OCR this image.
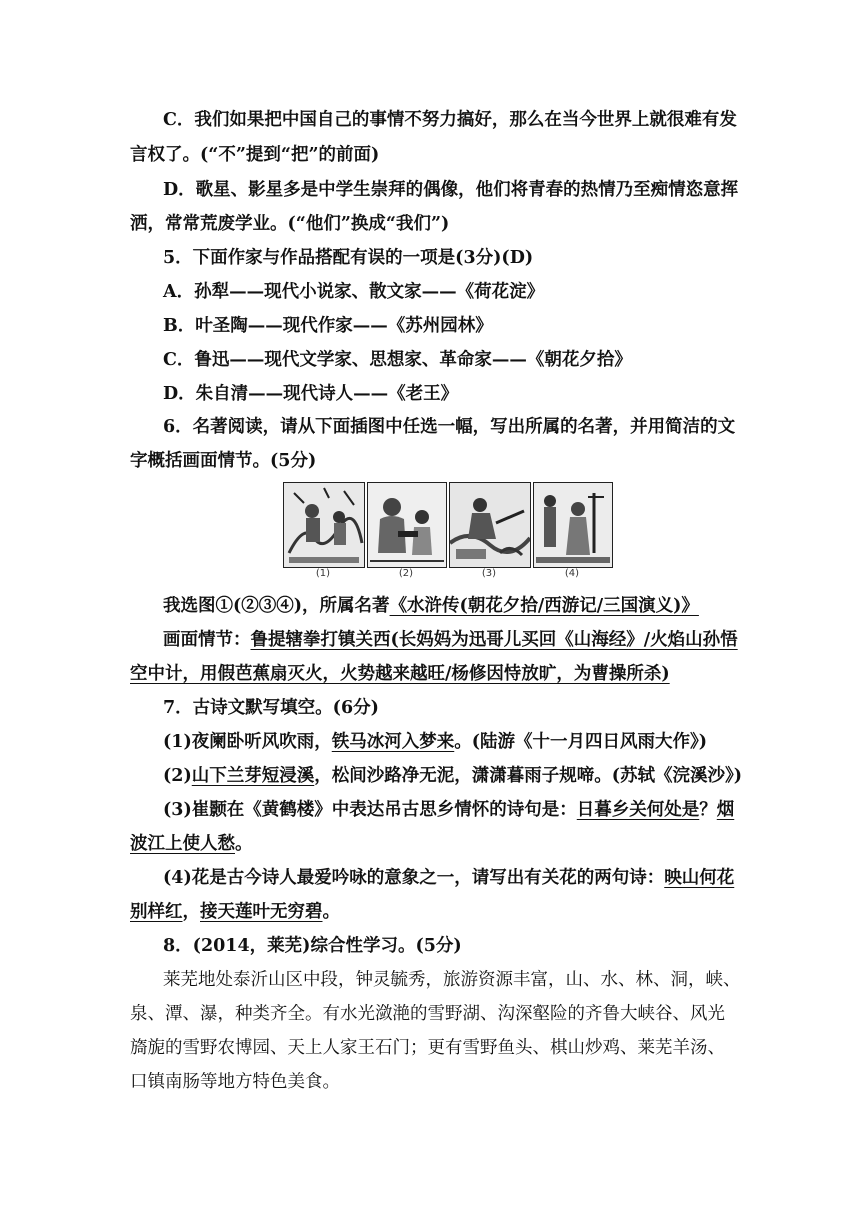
C．我们如果把中国自己的事情不努力搞好，那么在当今世界上就很难有发
言权了。(“不”提到“把”的前面)
D．歌星、影星多是中学生崇拜的偶像，他们将青春的热情乃至痴情恣意挥
洒，常常荒废学业。(“他们”换成“我们”)
5．下面作家与作品搭配有误的一项是(3分)(D)
A．孙犁——现代小说家、散文家——《荷花淀》
B．叶圣陶——现代作家——《苏州园林》
C．鲁迅——现代文学家、思想家、革命家——《朝花夕拾》
D．朱自清——现代诗人——《老王》
6．名著阅读，请从下面插图中任选一幅，写出所属的名著，并用简洁的文
字概括画面情节。(5分)
(1)	(2)	(3)	(4)
我选图①(②③④)，所属名著《水浒传(朝花夕拾/西游记/三国演义)》
画面情节：鲁提辖拳打镇关西(长妈妈为迅哥儿买回《山海经》/火焰山孙悟
空中计，用假芭蕉扇灭火，火势越来越旺/杨修因恃放旷，为曹操所杀)
7．古诗文默写填空。(6分)
(1)夜阑卧听风吹雨，铁马冰河入梦来。(陆游《十一月四日风雨大作》)
(2)山下兰芽短浸溪，松间沙路净无泥，潇潇暮雨子规啼。(苏轼《浣溪沙》)
(3)崔颢在《黄鹤楼》中表达吊古思乡情怀的诗句是：日暮乡关何处是？烟
波江上使人愁。
(4)花是古今诗人最爱吟咏的意象之一，请写出有关花的两句诗：映山何花
别样红，接天莲叶无穷碧。
8．(2014，莱芜)综合性学习。(5分)
莱芜地处泰沂山区中段，钟灵毓秀，旅游资源丰富，山、水、林、洞，峡、
泉、潭、瀑，种类齐全。有水光潋滟的雪野湖、沟深壑险的齐鲁大峡谷、风光
旖旎的雪野农博园、天上人家王石门；更有雪野鱼头、棋山炒鸡、莱芜羊汤、
口镇南肠等地方特色美食。
